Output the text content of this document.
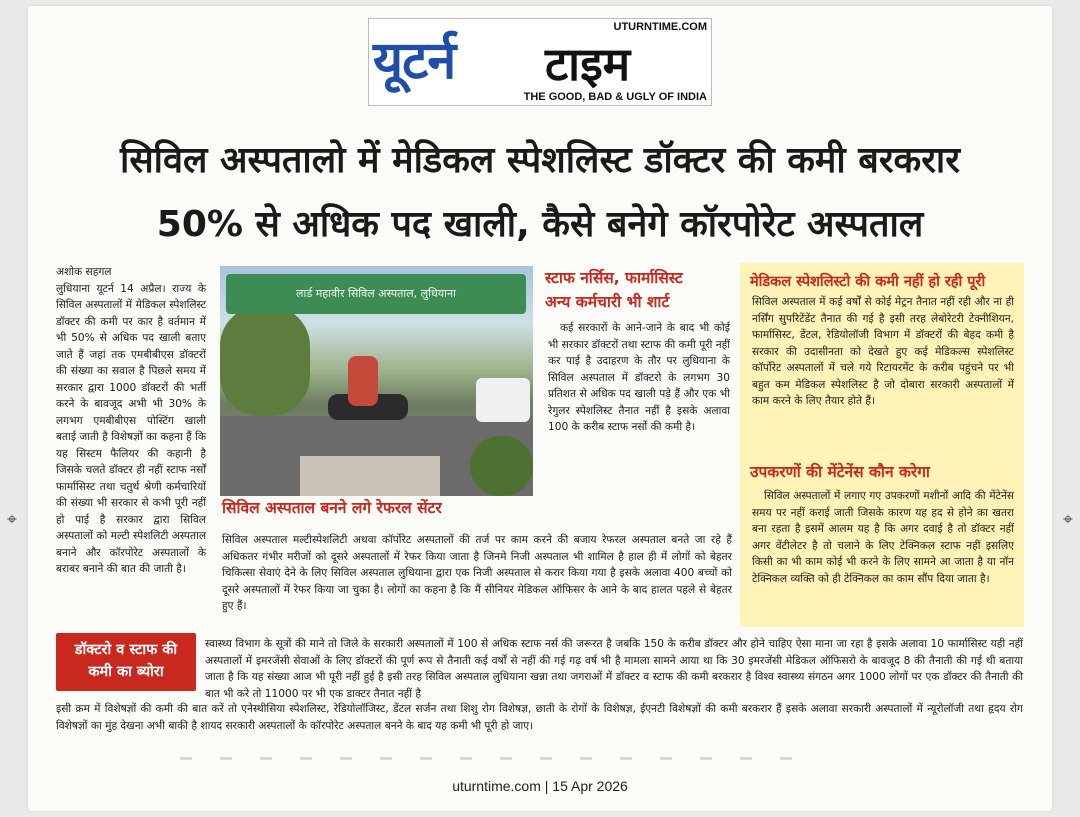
⌖	⌖
UTURNTIME.COM
यूटर्न टाइम
THE GOOD, BAD & UGLY OF INDIA
सिविल अस्पतालो में मेडिकल स्पेशलिस्ट डॉक्टर की कमी बरकरार
50% से अधिक पद खाली, कैसे बनेगे कॉरपोरेट अस्पताल

अशोक सहगल

लुधियाना यूटर्न 14 अप्रैल। राज्य के सिविल अस्पतालों में मेडिकल स्पेशलिस्ट डॉक्टर की कमी पर कार है वर्तमान में भी 50% से अधिक पद खाली बताए जाते हैं जहां तक एमबीबीएस डॉक्टरों की संख्या का सवाल है पिछले समय में सरकार द्वारा 1000 डॉक्टरों की भर्ती करने के बावजूद अभी भी 30% के लगभग एमबीबीएस पोस्टिंग खाली बताई जाती है विशेषज्ञों का कहना हैं कि यह सिस्टम फैलियर की कहानी है जिसके चलते डॉक्टर ही नहीं स्टाफ नर्सों फार्मासिस्ट तथा चतुर्थ श्रेणी कर्मचारियों की संख्या भी सरकार से कभी पूरी नहीं हो पाई है सरकार द्वारा सिविल अस्पतालों को मल्टी स्पेशलिटी अस्पताल बनाने और कॉरपोरेट अस्पतालों के बराबर बनाने की बात की जाती है।

लार्ड महावीर सिविल अस्पताल, लुधियाना
स्टाफ नर्सिस, फार्मासिस्ट
अन्य कर्मचारी भी शार्ट
कई सरकारों के आने-जाने के बाद भी कोई भी सरकार डॉक्टरों तथा स्टाफ की कमी पूरी नहीं कर पाई है उदाहरण के तौर पर लुधियाना के सिविल अस्पताल में डॉक्टरो के लगभग 30 प्रतिशत से अधिक पद खाली पड़े हैं और एक भी रेगुलर स्पेशलिस्ट तैनात नहीं है इसके अलावा 100 के करीब स्टाफ नर्सो की कमी है।
सिविल अस्पताल बनने लगे रेफरल सेंटर
सिविल अस्पताल मल्टीस्पेशलिटी अथवा कॉर्पोरेट अस्पतालों की तर्ज पर काम करने की बजाय रेफरल अस्पताल बनते जा रहे हैं अधिकतर गंभीर मरीजों को दूसरे अस्पतालों में रेफर किया जाता है जिनमे निजी अस्पताल भी शामिल है हाल ही में लोगों को बेहतर चिकित्सा सेवाएं देने के लिए सिविल अस्पताल लुधियाना द्वारा एक निजी अस्पताल से करार किया गया है इसके अलावा 400 बच्चों को दूसरे अस्पतालों में रेफर किया जा चुका है। लोगों का कहना है कि मैं सीनियर मेडिकल ऑफिसर के आने के बाद हालत पहले से बेहतर हुए हैं।
मेडिकल स्पेशलिस्टो की कमी नहीं हो रही पूरी
सिविल अस्पताल में कई वर्षों से कोई मेट्रन तैनात नहीं रही और ना ही नर्सिंग सुपरिटेंडेंट तैनात की गई है इसी तरह लेबोरेटरी टेक्नीशियन, फार्मासिस्ट, डेंटल, रेडियोलॉजी विभाग में डॉक्टरों की बेहद कमी है सरकार की उदासीनता को देखते हुए कई मेडिकल्स स्पेशलिस्ट कॉर्पोरेट अस्पतालों में चले गये रिटायरमेंट के करीब पहुंचने पर भी बहुत कम मेडिकल स्पेशलिस्ट है जो दोबारा सरकारी अस्पतालों में काम करने के लिए तैयार होते हैं।
उपकरणों की मेंटेनेंस कौन करेगा
सिविल अस्पतालों में लगाए गए उपकरणों मशीनों आदि की मेंटेनेंस समय पर नहीं कराई जाती जिसके कारण यह हद से होने का खतरा बना रहता है इसमें आलम यह है कि अगर दवाई है तो डॉक्टर नहीं अगर वेंटीलेटर है तो चलाने के लिए टेक्निकल स्टाफ नहीं इसलिए किसी का भी काम कोई भी करने के लिए सामने आ जाता है या नॉन टेक्निकल व्यक्ति को ही टेक्निकल का काम सौंप दिया जाता है।
डॉक्टरो व स्टाफ की
कमी का ब्योरा
स्वास्थ्य विभाग के सूत्रों की माने तो जिले के सरकारी अस्पतालों में 100 से अधिक स्टाफ नर्स की जरूरत है जबकि 150 के करीब डॉक्टर और होने चाहिए ऐसा माना जा रहा है इसके अलावा 10 फार्मासिस्ट यही नहीं अस्पतालों में इमरजेंसी सेवाओं के लिए डॉक्टरों की पूर्ण रूप से तैनाती कई वर्षों से नहीं की गई गढ़ वर्ष भी है मामला सामने आया था कि 30 इमरजेंसी मेडिकल ऑफिसरो के बावजूद 8 की तैनाती की गई थी बताया जाता है कि यह संख्या आज भी पूरी नहीं हुई है इसी तरह सिविल अस्पताल लुधियाना खन्ना तथा जगराओं में डॉक्टर व स्टाफ की कमी बरकरार है विश्व स्वास्थ्य संगठन अगर 1000 लोगों पर एक डॉक्टर की तैनाती की बात भी करे तो 11000 पर भी एक डाक्टर तैनात नहीं है
इसी क्रम में विशेषज्ञों की कमी की बात करें तो एनेस्थीसिया स्पेशलिस्ट, रेडियोलॉजिस्ट, डेंटल सर्जन तथा शिशु रोग विशेषज्ञ, छाती के रोगों के विशेषज्ञ, ईएनटी विशेषज्ञों की कमी बरकरार हैं इसके अलावा सरकारी अस्पतालों में न्यूरोलॉजी तथा हृदय रोग विशेषज्ञों का मुंह देखना अभी बाकी है शायद सरकारी अस्पतालों के कॉरपोरेट अस्पताल बनने के बाद यह कमी भी पूरी हो जाए।
uturntime.com | 15 Apr 2026
